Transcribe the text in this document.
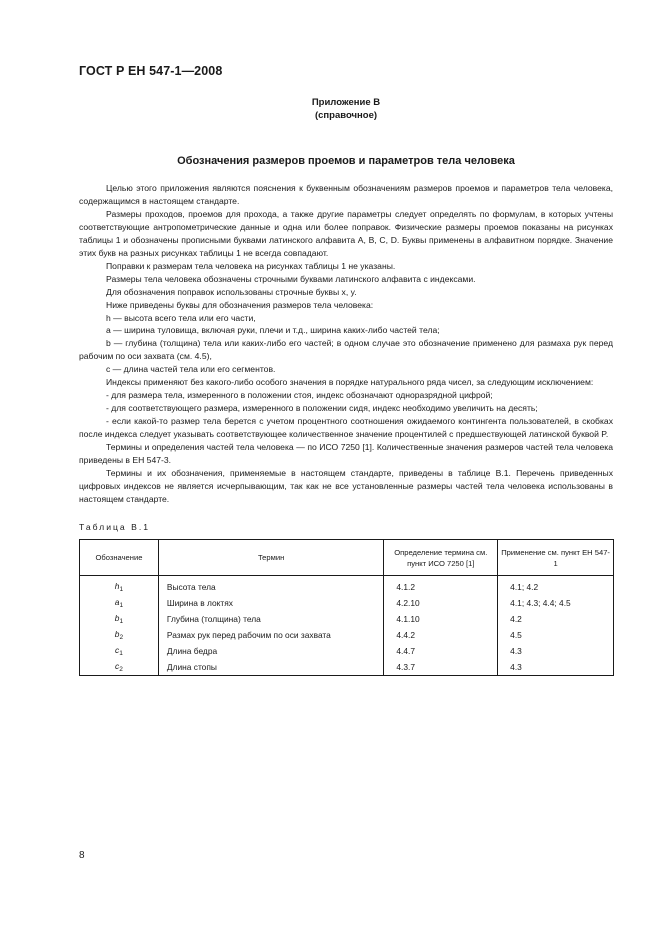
ГОСТ Р ЕН 547-1—2008
Приложение В
(справочное)
Обозначения размеров проемов и параметров тела человека

Целью этого приложения являются пояснения к буквенным обозначениям размеров проемов и параметров тела человека, содержащимся в настоящем стандарте.

Размеры проходов, проемов для прохода, а также другие параметры следует определять по формулам, в которых учтены соответствующие антропометрические данные и одна или более поправок. Физические размеры проемов показаны на рисунках таблицы 1 и обозначены прописными буквами латинского алфавита A, B, C, D. Буквы применены в алфавитном порядке. Значение этих букв на разных рисунках таблицы 1 не всегда совпадают.

Поправки к размерам тела человека на рисунках таблицы 1 не указаны.

Размеры тела человека обозначены строчными буквами латинского алфавита с индексами.

Для обозначения поправок использованы строчные буквы x, y.

Ниже приведены буквы для обозначения размеров тела человека:

h — высота всего тела или его части,

a — ширина туловища, включая руки, плечи и т.д., ширина каких-либо частей тела;

b — глубина (толщина) тела или каких-либо его частей; в одном случае это обозначение применено для размаха рук перед рабочим по оси захвата (см. 4.5),

c — длина частей тела или его сегментов.

Индексы применяют без какого-либо особого значения в порядке натурального ряда чисел, за следующим исключением:

- для размера тела, измеренного в положении стоя, индекс обозначают одноразрядной цифрой;

- для соответствующего размера, измеренного в положении сидя, индекс необходимо увеличить на десять;

- если какой-то размер тела берется с учетом процентного соотношения ожидаемого контингента пользователей, в скобках после индекса следует указывать соответствующее количественное значение процентилей с предшествующей латинской буквой P.

Термины и определения частей тела человека — по ИСО 7250 [1]. Количественные значения размеров частей тела человека приведены в ЕН 547-3.

Термины и их обозначения, применяемые в настоящем стандарте, приведены в таблице В.1. Перечень приведенных цифровых индексов не является исчерпывающим, так как не все установленные размеры частей тела человека использованы в настоящем стандарте.

Таблица В.1
Обозначение	Термин	Определение термина см. пункт ИСО 7250 [1]	Применение см. пункт ЕН 547-1
$h_1$	Высота тела	4.1.2	4.1; 4.2
$a_1$	Ширина в локтях	4.2.10	4.1; 4.3; 4.4; 4.5
$b_1$	Глубина (толщина) тела	4.1.10	4.2
$b_2$	Размах рук перед рабочим по оси захвата	4.4.2	4.5
$c_1$	Длина бедра	4.4.7	4.3
$c_2$	Длина стопы	4.3.7	4.3
8
